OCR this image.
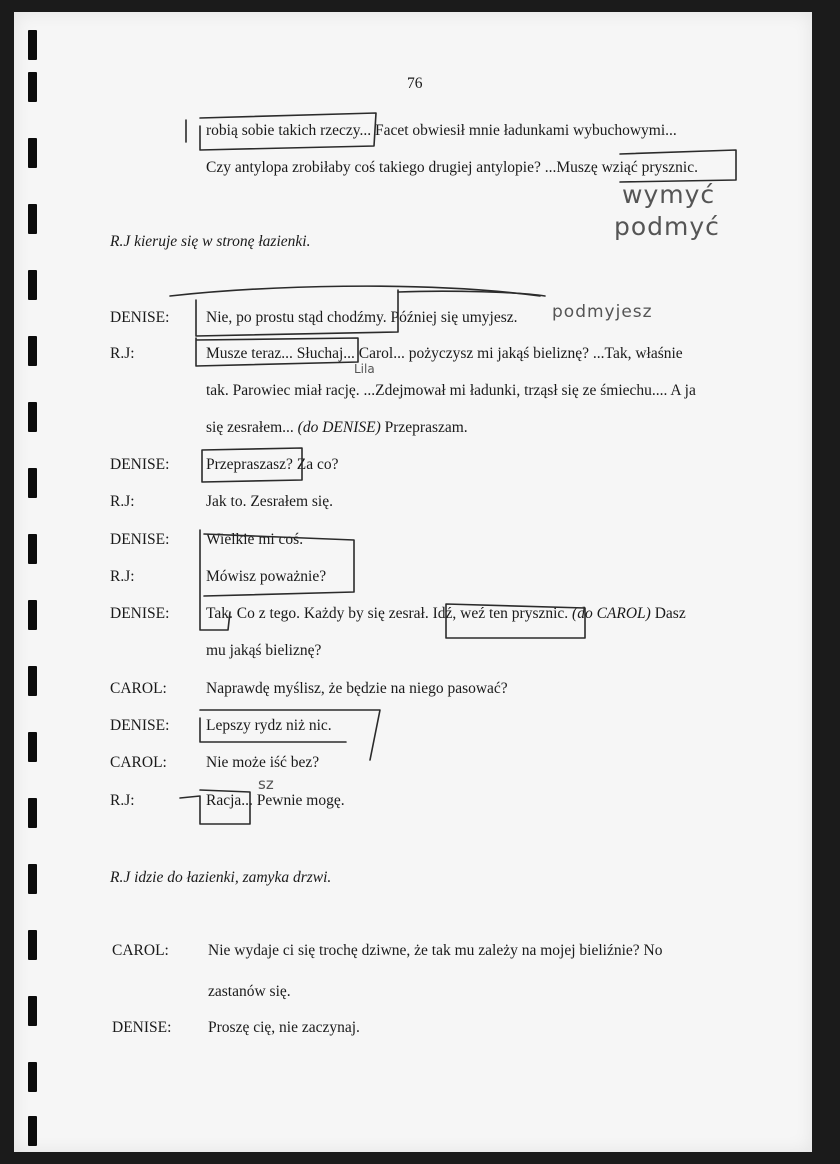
76
robią sobie takich rzeczy... Facet obwiesił mnie ładunkami wybuchowymi...
Czy antylopa zrobiłaby coś takiego drugiej antylopie? ...Muszę wziąć prysznic.
R.J kieruje się w stronę łazienki.
DENISE: Nie, po prostu stąd chodźmy. Później się umyjesz.
R.J:	Musze teraz... Słuchaj... Carol... pożyczysz mi jakąś bieliznę? ...Tak, właśnie
tak. Parowiec miał rację. ...Zdejmował mi ładunki, trząsł się ze śmiechu.... A ja
się zesrałem... (do DENISE) Przepraszam.
DENISE: Przepraszasz? Za co?
R.J:	Jak to. Zesrałem się.
DENISE: Wielkie mi coś.
R.J:	Mówisz poważnie?
DENISE: Tak. Co z tego. Każdy by się zesrał. Idź, weź ten prysznic. (do CAROL) Dasz
mu jakąś bieliznę?
CAROL:	Naprawdę myślisz, że będzie na niego pasować?
DENISE: Lepszy rydz niż nic.
CAROL:	Nie może iść bez?
R.J:	Racja... Pewnie mogę.
R.J idzie do łazienki, zamyka drzwi.
CAROL:	Nie wydaje ci się trochę dziwne, że tak mu zależy na mojej bieliźnie? No
zastanów się.
DENISE: Proszę cię, nie zaczynaj.
wymyć
podmyć
podmyjesz
Lila
sz
